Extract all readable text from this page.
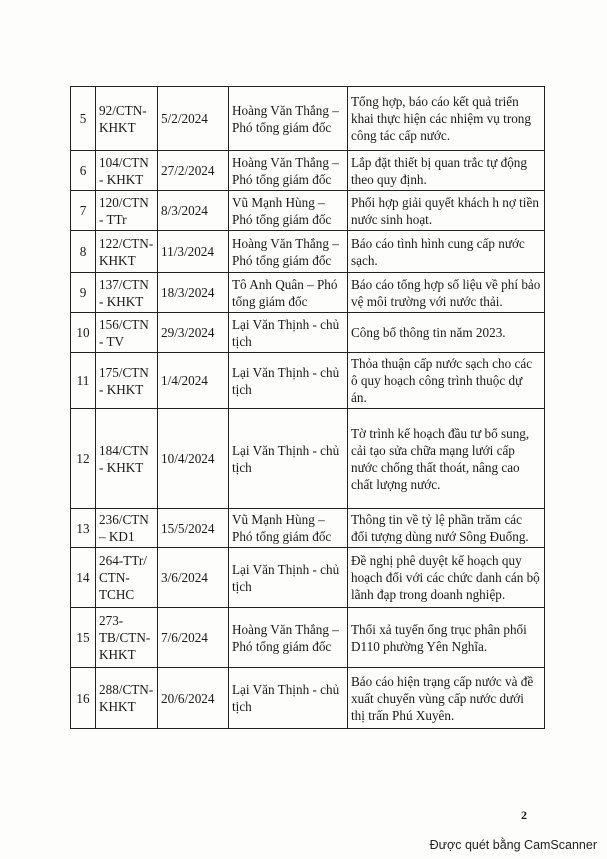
5	92/CTN-KHKT	5/2/2024	Hoàng Văn Thắng – Phó tổng giám đốc	Tổng hợp, báo cáo kết quả triển khai thực hiện các nhiệm vụ trong công tác cấp nước.
6	104/CTN - KHKT	27/2/2024	Hoàng Văn Thắng – Phó tổng giám đốc	Lắp đặt thiết bị quan trắc tự động theo quy định.
7	120/CTN - TTr	8/3/2024	Vũ Mạnh Hùng – Phó tổng giám đốc	Phối hợp giải quyết khách h nợ tiền nước sinh hoạt.
8	122/CTN-KHKT	11/3/2024	Hoàng Văn Thắng – Phó tổng giám đốc	Báo cáo tình hình cung cấp nước sạch.
9	137/CTN - KHKT	18/3/2024	Tô Anh Quân – Phó tổng giám đốc	Báo cáo tổng hợp số liệu về phí bảo vệ môi trường với nước thải.
10	156/CTN - TV	29/3/2024	Lại Văn Thịnh - chủ tịch	Công bố thông tin năm 2023.
11	175/CTN - KHKT	1/4/2024	Lại Văn Thịnh - chủ tịch	Thỏa thuận cấp nước sạch cho các ô quy hoạch công trình thuộc dự án.
12	184/CTN - KHKT	10/4/2024	Lại Văn Thịnh - chủ tịch	Tờ trình kế hoạch đầu tư bổ sung, cải tạo sửa chữa mạng lưới cấp nước chống thất thoát, nâng cao chất lượng nước.
13	236/CTN – KD1	15/5/2024	Vũ Mạnh Hùng – Phó tổng giám đốc	Thông tin về tỷ lệ phần trăm các đối tượng dùng nướ Sông Đuống.
14	264-TTr/ CTN-TCHC	3/6/2024	Lại Văn Thịnh - chủ tịch	Đề nghị phê duyệt kế hoạch quy hoạch đối với các chức danh cán bộ lãnh đạp trong doanh nghiệp.
15	273-TB/CTN-KHKT	7/6/2024	Hoàng Văn Thắng – Phó tổng giám đốc	Thổi xả tuyến ống trục phân phối D110 phường Yên Nghĩa.
16	288/CTN-KHKT	20/6/2024	Lại Văn Thịnh - chủ tịch	Báo cáo hiện trạng cấp nước và đề xuất chuyển vùng cấp nước dưới thị trấn Phú Xuyên.
2
Được quét bằng CamScanner
